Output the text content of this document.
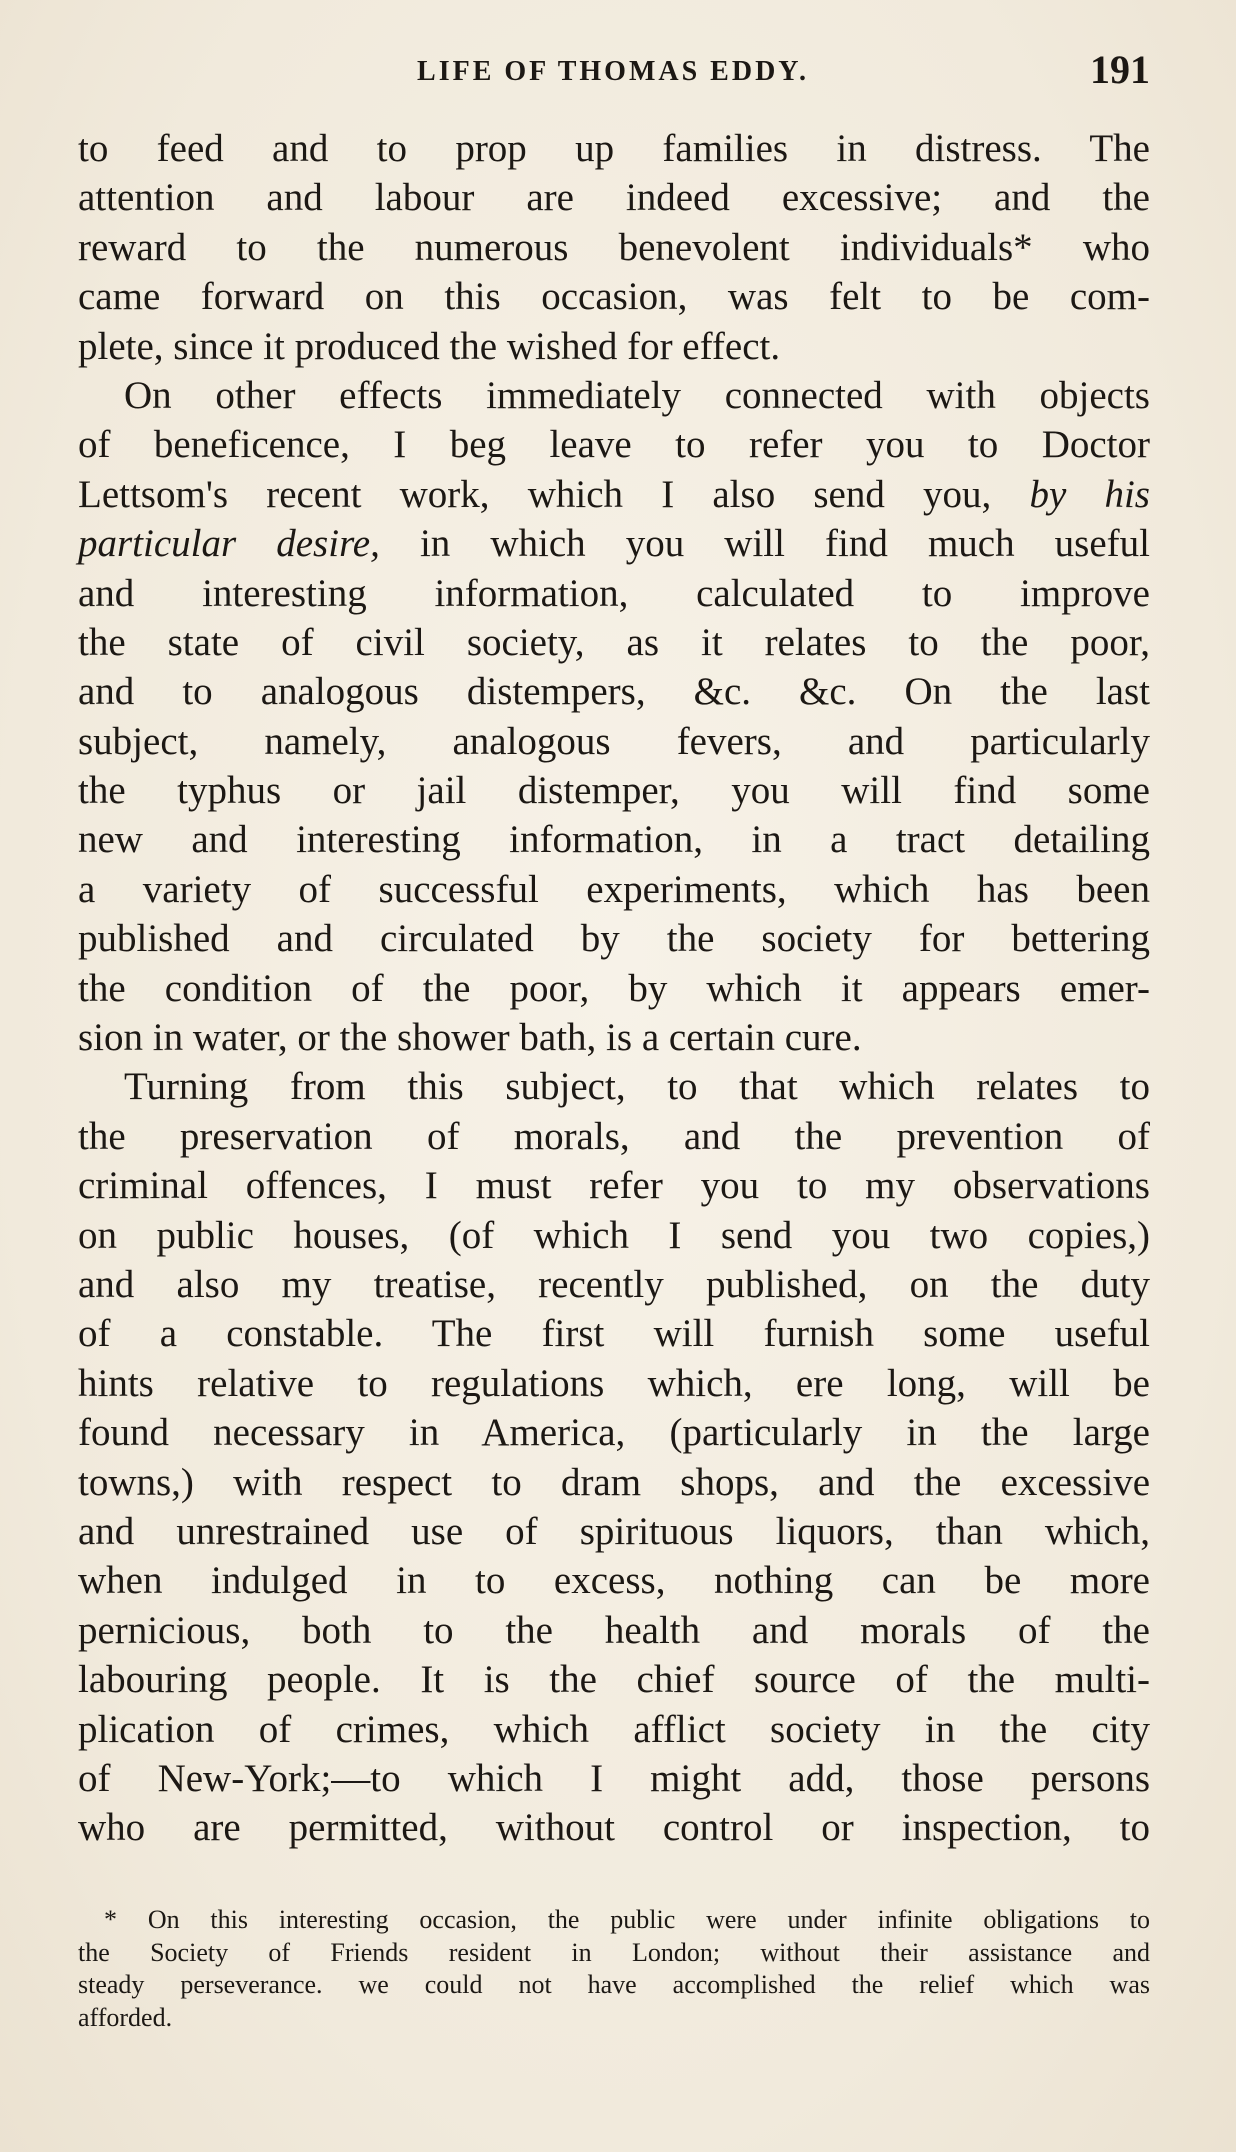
LIFE OF THOMAS EDDY.	191
to feed and to prop up families in distress. The
attention and labour are indeed excessive; and the
reward to the numerous benevolent individuals* who
came forward on this occasion, was felt to be com-
plete, since it produced the wished for effect.
On other effects immediately connected with objects
of beneficence, I beg leave to refer you to Doctor
Lettsom's recent work, which I also send you, by his
particular desire, in which you will find much useful
and interesting information, calculated to improve
the state of civil society, as it relates to the poor,
and to analogous distempers, &c. &c. On the last
subject, namely, analogous fevers, and particularly
the typhus or jail distemper, you will find some
new and interesting information, in a tract detailing
a variety of successful experiments, which has been
published and circulated by the society for bettering
the condition of the poor, by which it appears emer-
sion in water, or the shower bath, is a certain cure.
Turning from this subject, to that which relates to
the preservation of morals, and the prevention of
criminal offences, I must refer you to my observations
on public houses, (of which I send you two copies,)
and also my treatise, recently published, on the duty
of a constable. The first will furnish some useful
hints relative to regulations which, ere long, will be
found necessary in America, (particularly in the large
towns,) with respect to dram shops, and the excessive
and unrestrained use of spirituous liquors, than which,
when indulged in to excess, nothing can be more
pernicious, both to the health and morals of the
labouring people. It is the chief source of the multi-
plication of crimes, which afflict society in the city
of New-York;—to which I might add, those persons
who are permitted, without control or inspection, to
* On this interesting occasion, the public were under infinite obligations to
the Society of Friends resident in London; without their assistance and
steady perseverance. we could not have accomplished the relief which was
afforded.
